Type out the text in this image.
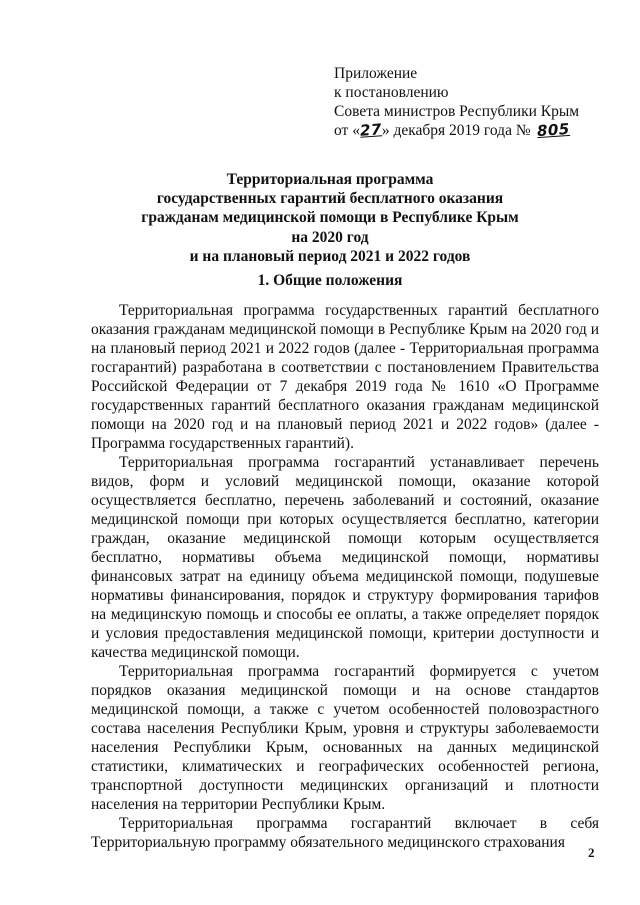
Приложение
к постановлению
Совета министров Республики Крым
от «27» декабря 2019 года № 805
Территориальная программа
государственных гарантий бесплатного оказания
гражданам медицинской помощи в Республике Крым
на 2020 год
и на плановый период 2021 и 2022 годов
1. Общие положения

Территориальная программа государственных гарантий бесплатного оказания гражданам медицинской помощи в Республике Крым на 2020 год и на плановый период 2021 и 2022 годов (далее - Территориальная программа госгарантий) разработана в соответствии с постановлением Правительства Российской Федерации от 7 декабря 2019 года № 1610 «О Программе государственных гарантий бесплатного оказания гражданам медицинской помощи на 2020 год и на плановый период 2021 и 2022 годов» (далее - Программа государственных гарантий).

Территориальная программа госгарантий устанавливает перечень видов, форм и условий медицинской помощи, оказание которой осуществляется бесплатно, перечень заболеваний и состояний, оказание медицинской помощи при которых осуществляется бесплатно, категории граждан, оказание медицинской помощи которым осуществляется бесплатно, нормативы объема медицинской помощи, нормативы финансовых затрат на единицу объема медицинской помощи, подушевые нормативы финансирования, порядок и структуру формирования тарифов на медицинскую помощь и способы ее оплаты, а также определяет порядок и условия предоставления медицинской помощи, критерии доступности и качества медицинской помощи.

Территориальная программа госгарантий формируется с учетом порядков оказания медицинской помощи и на основе стандартов медицинской помощи, а также с учетом особенностей половозрастного состава населения Республики Крым, уровня и структуры заболеваемости населения Республики Крым, основанных на данных медицинской статистики, климатических и географических особенностей региона, транспортной доступности медицинских организаций и плотности населения на территории Республики Крым.

Территориальная программа госгарантий включает в себя Территориальную программу обязательного медицинского страхования

2
